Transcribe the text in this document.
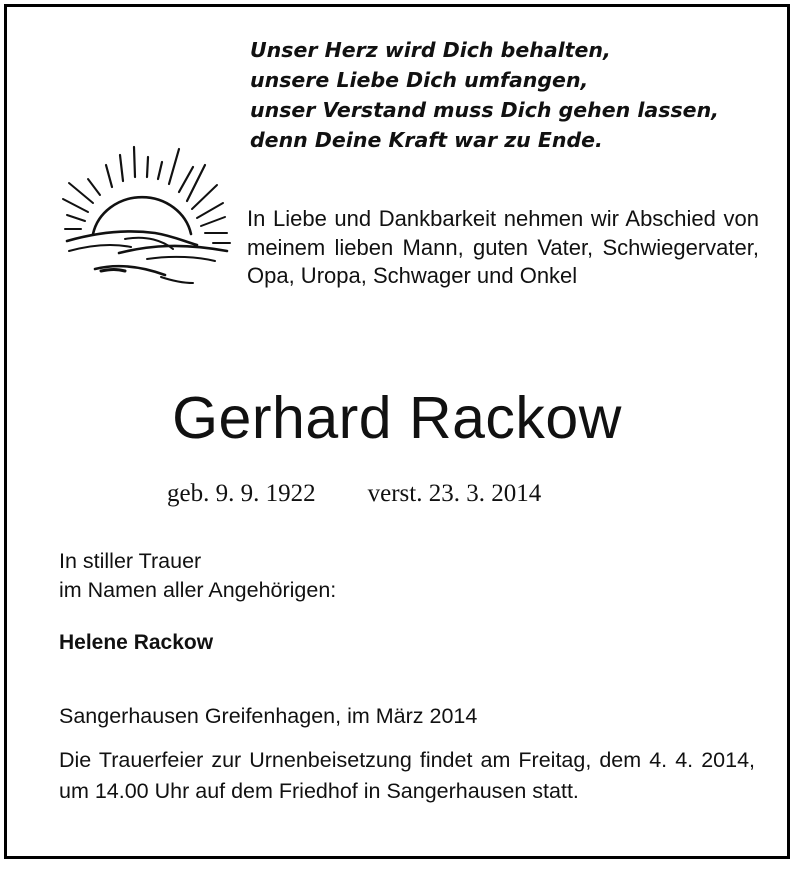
Unser Herz wird Dich behalten,
unsere Liebe Dich umfangen,
unser Verstand muss Dich gehen lassen,
denn Deine Kraft war zu Ende.
In Liebe und Dankbarkeit nehmen wir Abschied von meinem lieben Mann, guten Vater, Schwiegervater, Opa, Uropa, Schwager und Onkel
Gerhard Rackow
geb. 9. 9. 1922 verst. 23. 3. 2014
In stiller Trauer
im Namen aller Angehörigen:
Helene Rackow
Sangerhausen Greifenhagen, im März 2014
Die Trauerfeier zur Urnenbeisetzung findet am Freitag, dem 4. 4. 2014, um 14.00 Uhr auf dem Friedhof in Sangerhausen statt.
